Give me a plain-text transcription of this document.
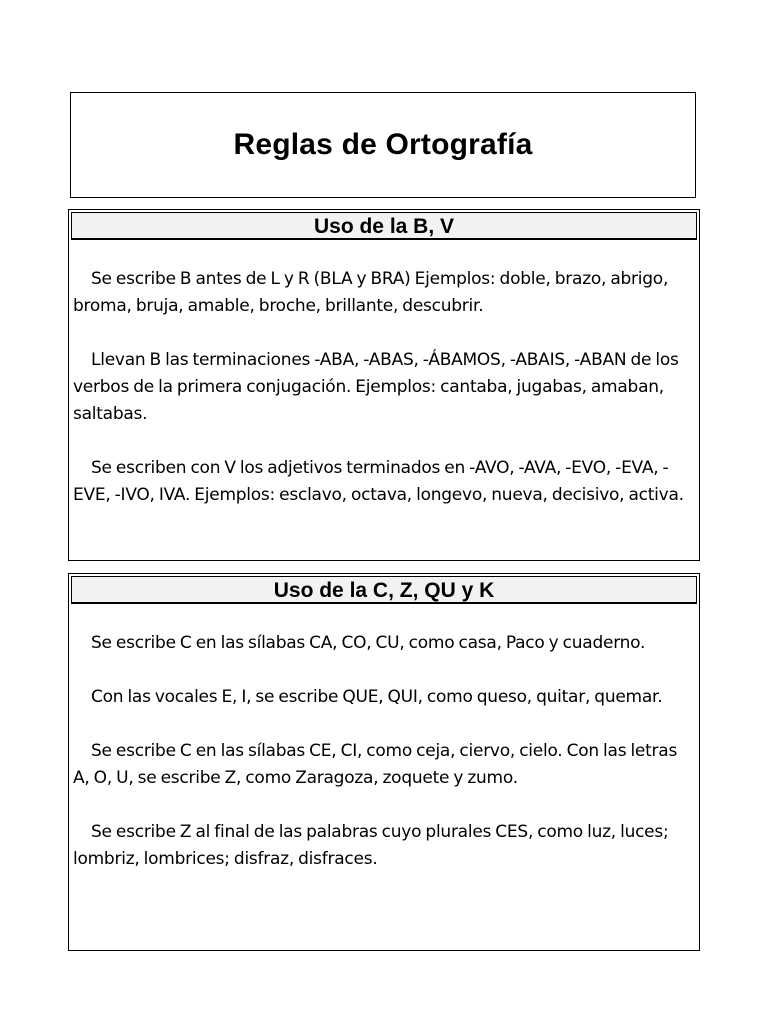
Reglas de Ortografía
Uso de la B, V

Se escribe B antes de L y R (BLA y BRA) Ejemplos: doble, brazo, abrigo, broma, bruja, amable, broche, brillante, descubrir.

Llevan B las terminaciones -ABA, -ABAS, -ÁBAMOS, -ABAIS, -ABAN de los verbos de la primera conjugación. Ejemplos: cantaba, jugabas, amaban, saltabas.

Se escriben con V los adjetivos terminados en -AVO, -AVA, -EVO, -EVA, -EVE, -IVO, IVA. Ejemplos: esclavo, octava, longevo, nueva, decisivo, activa.

Uso de la C, Z, QU y K

Se escribe C en las sílabas CA, CO, CU, como casa, Paco y cuaderno.

Con las vocales E, I, se escribe QUE, QUI, como queso, quitar, quemar.

Se escribe C en las sílabas CE, CI, como ceja, ciervo, cielo. Con las letras A, O, U, se escribe Z, como Zaragoza, zoquete y zumo.

Se escribe Z al final de las palabras cuyo plurales CES, como luz, luces; lombriz, lombrices; disfraz, disfraces.
